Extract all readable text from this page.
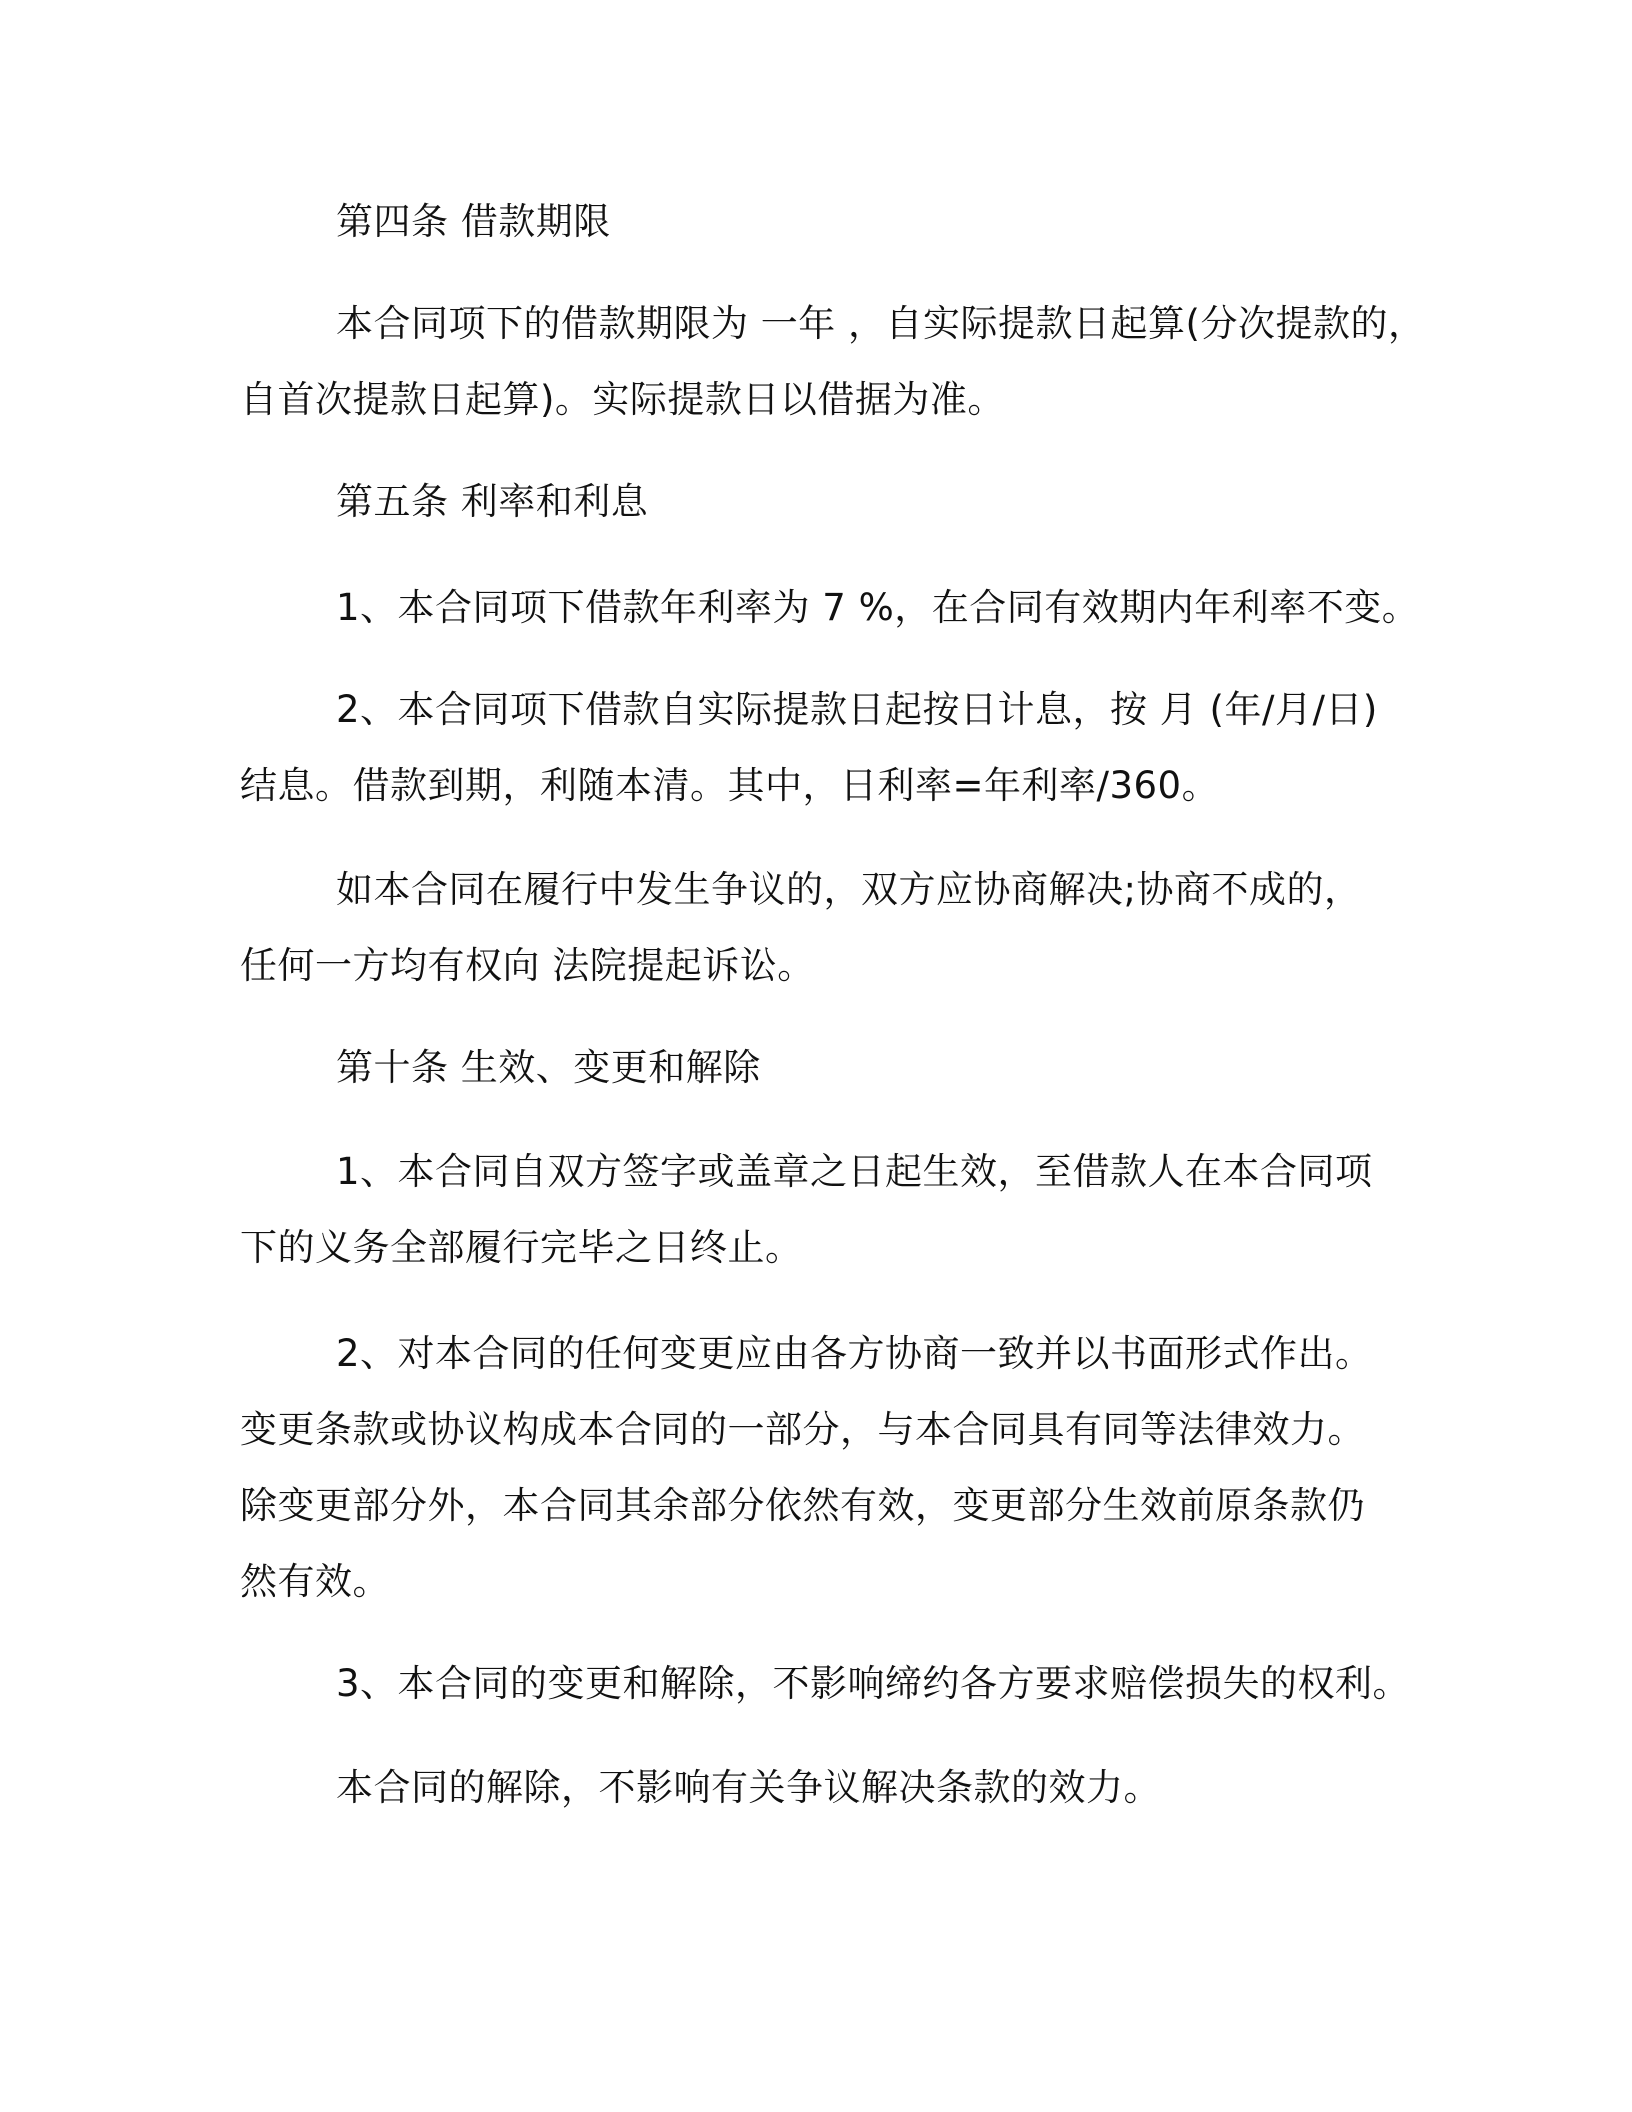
第四条 借款期限
本合同项下的借款期限为 一年 ，自实际提款日起算(分次提款的，
自首次提款日起算)。实际提款日以借据为准。
第五条 利率和利息
1、本合同项下借款年利率为 7 %，在合同有效期内年利率不变。
2、本合同项下借款自实际提款日起按日计息，按 月 (年/月/日)
结息。借款到期，利随本清。其中，日利率=年利率/360。
如本合同在履行中发生争议的，双方应协商解决;协商不成的，
任何一方均有权向 法院提起诉讼。
第十条 生效、变更和解除
1、本合同自双方签字或盖章之日起生效，至借款人在本合同项
下的义务全部履行完毕之日终止。
2、对本合同的任何变更应由各方协商一致并以书面形式作出。
变更条款或协议构成本合同的一部分，与本合同具有同等法律效力。
除变更部分外，本合同其余部分依然有效，变更部分生效前原条款仍
然有效。
3、本合同的变更和解除，不影响缔约各方要求赔偿损失的权利。
本合同的解除，不影响有关争议解决条款的效力。
